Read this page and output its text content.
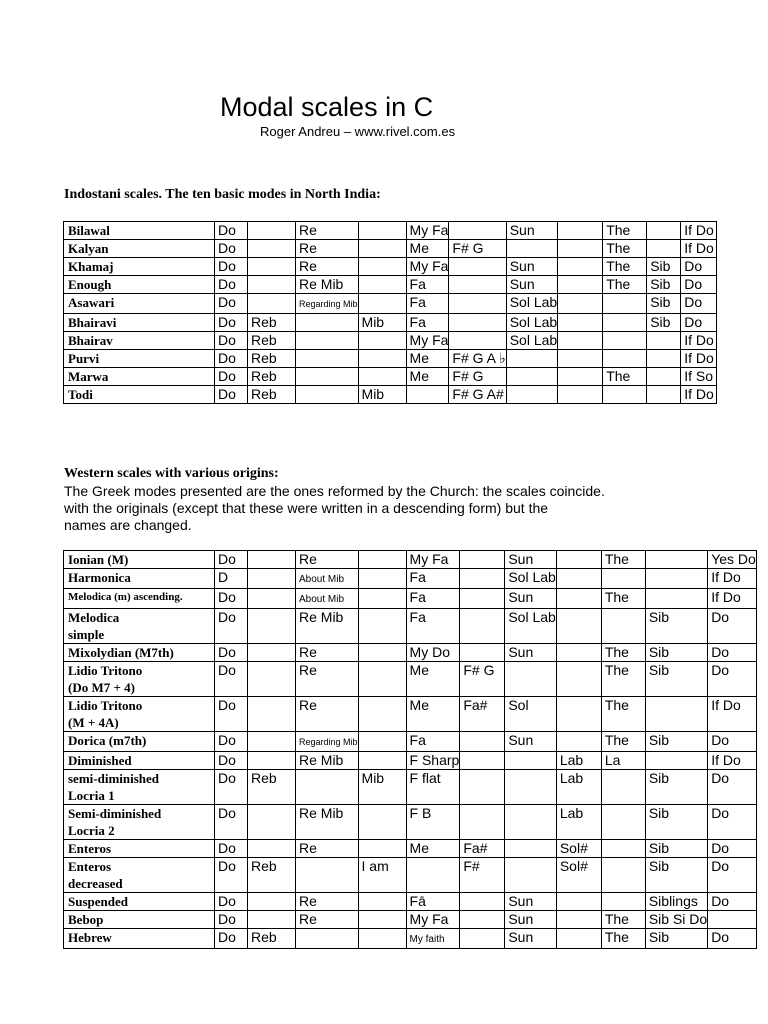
Modal scales in C
Roger Andreu – www.rivel.com.es
Indostani scales. The ten basic modes in North India:
Bilawal	Do		Re		My Fa		Sun		The		If Do

Kalyan	Do		Re		Me	F# G			The		If Do

Khamaj	Do		Re		My Fa		Sun		The	Sib	Do

Enough	Do		Re Mib		Fa		Sun		The	Sib	Do

Asawari	Do		Regarding Mib		Fa		Sol Lab			Sib	Do

Bhairavi	Do	Reb		Mib	Fa		Sol Lab			Sib	Do

Bhairav	Do	Reb			My Fa		Sol Lab				If Do

Purvi	Do	Reb			Me	F# G A ♭					If Do

Marwa	Do	Reb			Me	F# G			The		If So

Todi	Do	Reb		Mib		F# G A#					If Do
Western scales with various origins:
The Greek modes presented are the ones reformed by the Church: the scales coincide.
with the originals (except that these were written in a descending form) but the
names are changed.
Ionian (M)	Do		Re		My Fa		Sun		The		Yes Do

Harmonica	D		About Mib		Fa		Sol Lab				If Do

Melodica (m) ascending.	Do		About Mib		Fa		Sun		The		If Do

Melodica
simple	Do		Re Mib		Fa		Sol Lab			Sib	Do

Mixolydian (M7th)	Do		Re		My Do		Sun		The	Sib	Do

Lidio Tritono
(Do M7 + 4)	Do		Re		Me	F# G			The	Sib	Do

Lidio Tritono
(M + 4A)	Do		Re		Me	Fa#	Sol		The		If Do

Dorica (m7th)	Do		Regarding Mib		Fa		Sun		The	Sib	Do

Diminished	Do		Re Mib		F Sharp			Lab	La		If Do

semi-diminished
Locria 1	Do	Reb		Mib	F flat			Lab		Sib	Do

Semi-diminished
Locria 2	Do		Re Mib		F B			Lab		Sib	Do

Enteros	Do		Re		Me	Fa#		Sol#		Sib	Do

Enteros
decreased	Do	Reb		I am		F#		Sol#		Sib	Do

Suspended	Do		Re		Fā		Sun			Siblings	Do

Bebop	Do		Re		My Fa		Sun		The	Sib Si Do	

Hebrew	Do	Reb			My faith		Sun		The	Sib	Do
